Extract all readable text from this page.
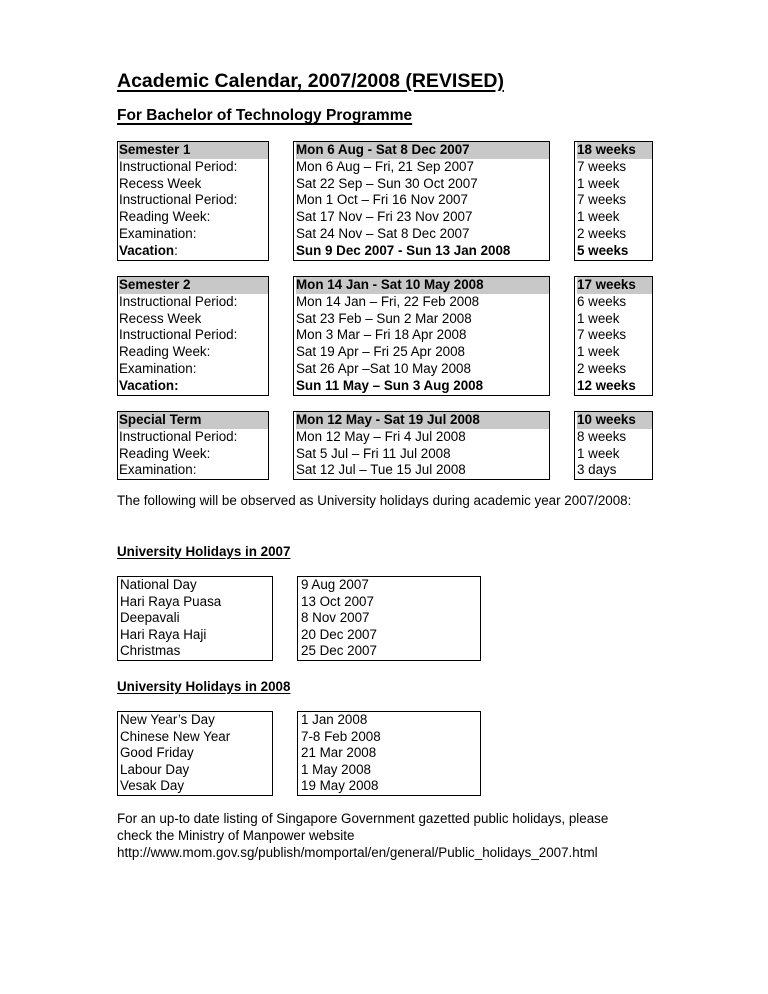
Academic Calendar, 2007/2008 (REVISED)
For Bachelor of Technology Programme
Semester 1
Instructional Period:
Recess Week
Instructional Period:
Reading Week:
Examination:
Vacation:
Mon 6 Aug - Sat 8 Dec 2007
Mon 6 Aug – Fri, 21 Sep 2007
Sat 22 Sep – Sun 30 Oct 2007
Mon 1 Oct – Fri 16 Nov 2007
Sat 17 Nov – Fri 23 Nov 2007
Sat 24 Nov – Sat 8 Dec 2007
Sun 9 Dec 2007 - Sun 13 Jan 2008
18 weeks
7 weeks
1 week
7 weeks
1 week
2 weeks
5 weeks
Semester 2
Instructional Period:
Recess Week
Instructional Period:
Reading Week:
Examination:
Vacation:
Mon 14 Jan - Sat 10 May 2008
Mon 14 Jan – Fri, 22 Feb 2008
Sat 23 Feb – Sun 2 Mar 2008
Mon 3 Mar – Fri 18 Apr 2008
Sat 19 Apr – Fri 25 Apr 2008
Sat 26 Apr –Sat 10 May 2008
Sun 11 May – Sun 3 Aug 2008
17 weeks
6 weeks
1 week
7 weeks
1 week
2 weeks
12 weeks
Special Term
Instructional Period:
Reading Week:
Examination:
Mon 12 May - Sat 19 Jul 2008
Mon 12 May – Fri 4 Jul 2008
Sat 5 Jul – Fri 11 Jul 2008
Sat 12 Jul – Tue 15 Jul 2008
10 weeks
8 weeks
1 week
3 days

The following will be observed as University holidays during academic year 2007/2008:

University Holidays in 2007

National Day
Hari Raya Puasa
Deepavali
Hari Raya Haji
Christmas
9 Aug 2007
13 Oct 2007
8 Nov 2007
20 Dec 2007
25 Dec 2007

University Holidays in 2008

New Year’s Day
Chinese New Year
Good Friday
Labour Day
Vesak Day
1 Jan 2008
7-8 Feb 2008
21 Mar 2008
1 May 2008
19 May 2008
For an up-to date listing of Singapore Government gazetted public holidays, please
check the Ministry of Manpower website
http://www.mom.gov.sg/publish/momportal/en/general/Public_holidays_2007.html
